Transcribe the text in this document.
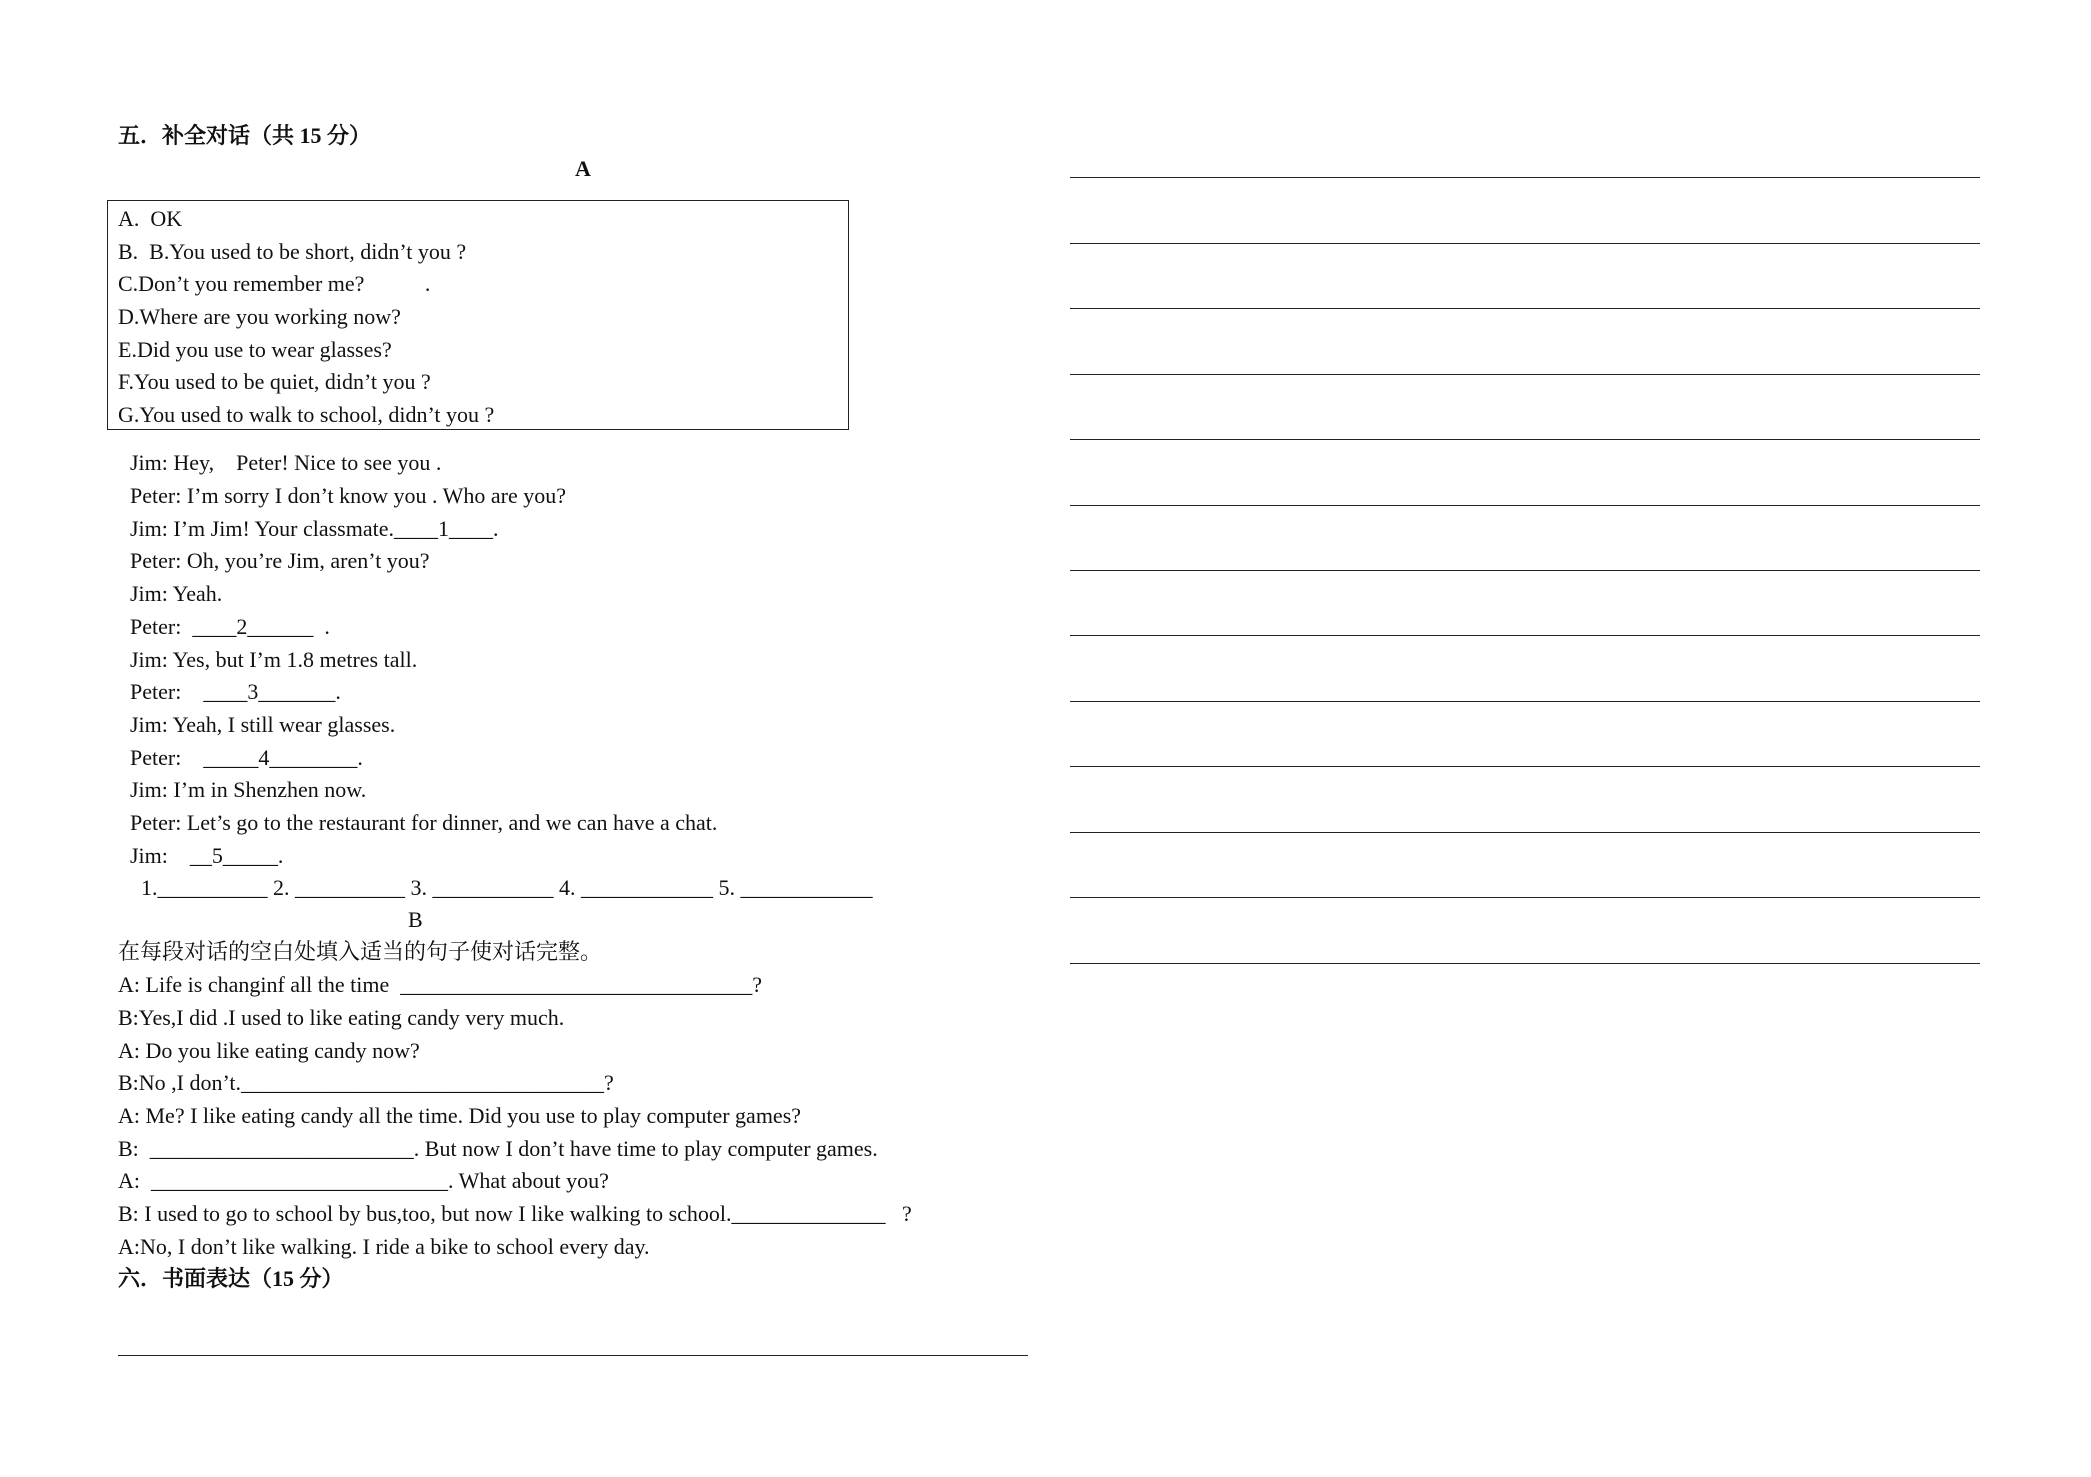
五．补全对话（共 15 分）
A
A.  OK
B.  B.You used to be short, didn’t you ?
C.Don’t you remember me?           .
D.Where are you working now?
E.Did you use to wear glasses?
F.You used to be quiet, didn’t you ?
G.You used to walk to school, didn’t you ?
Jim: Hey,    Peter! Nice to see you .
Peter: I’m sorry I don’t know you . Who are you?
Jim: I’m Jim! Your classmate.____1____.
Peter: Oh, you’re Jim, aren’t you?
Jim: Yeah.
Peter:  ____2______  .
Jim: Yes, but I’m 1.8 metres tall.
Peter:    ____3_______.
Jim: Yeah, I still wear glasses.
Peter:    _____4________.
Jim: I’m in Shenzhen now.
Peter: Let’s go to the restaurant for dinner, and we can have a chat.
Jim:    __5_____.
1.__________ 2. __________ 3. ___________ 4. ____________ 5. ____________
B
在每段对话的空白处填入适当的句子使对话完整。
A: Life is changinf all the time  ________________________________?
B:Yes,I did .I used to like eating candy very much.
A: Do you like eating candy now?
B:No ,I don’t._________________________________?
A: Me? I like eating candy all the time. Did you use to play computer games?
B:  ________________________. But now I don’t have time to play computer games.
A:  ___________________________. What about you?
B: I used to go to school by bus,too, but now I like walking to school.______________   ?
A:No, I don’t like walking. I ride a bike to school every day.
六．书面表达（15 分）
